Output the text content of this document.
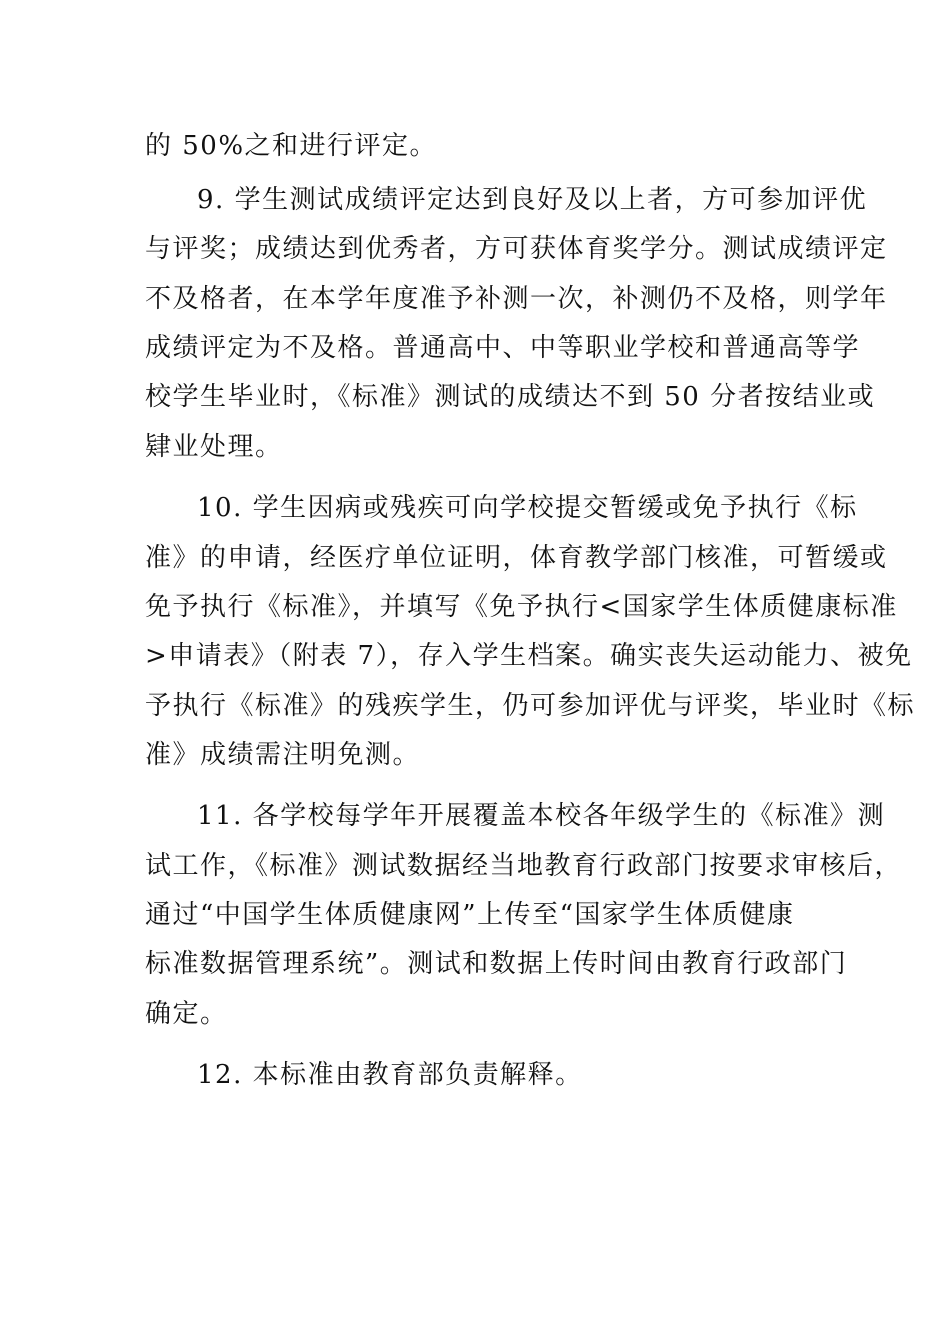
的 50%之和进行评定。
9. 学生测试成绩评定达到良好及以上者，方可参加评优
与评奖；成绩达到优秀者，方可获体育奖学分。测试成绩评定
不及格者，在本学年度准予补测一次，补测仍不及格，则学年
成绩评定为不及格。普通高中、中等职业学校和普通高等学
校学生毕业时，《标准》测试的成绩达不到 50 分者按结业或
肄业处理。
10. 学生因病或残疾可向学校提交暂缓或免予执行《标
准》的申请，经医疗单位证明，体育教学部门核准，可暂缓或
免予执行《标准》，并填写《免予执行<国家学生体质健康标准
>申请表》（附表 7），存入学生档案。确实丧失运动能力、被免
予执行《标准》的残疾学生，仍可参加评优与评奖，毕业时《标
准》成绩需注明免测。
11. 各学校每学年开展覆盖本校各年级学生的《标准》测
试工作，《标准》测试数据经当地教育行政部门按要求审核后，
通过“中国学生体质健康网”上传至“国家学生体质健康
标准数据管理系统”。测试和数据上传时间由教育行政部门
确定。
12. 本标准由教育部负责解释。
